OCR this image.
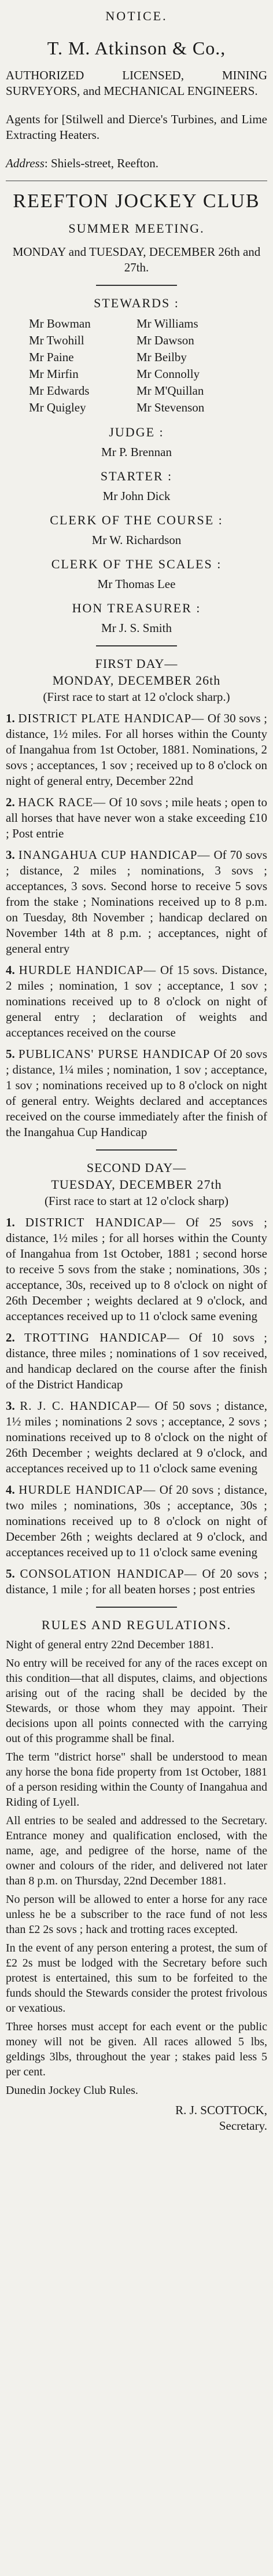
NOTICE.
T. M. Atkinson & Co.,

AUTHORIZED LICENSED, MINING SURVEYORS, and MECHANICAL ENGINEERS.

Agents for [Stilwell and Dierce's Turbines, and Lime Extracting Heaters.

Address: Shiels-street, Reefton.

REEFTON JOCKEY CLUB
SUMMER MEETING.
MONDAY and TUESDAY, DECEMBER 26th and 27th.
STEWARDS :
Mr Bowman	Mr Williams
Mr Twohill	Mr Dawson
Mr Paine	Mr Beilby
Mr Mirfin	Mr Connolly
Mr Edwards	Mr M'Quillan
Mr Quigley	Mr Stevenson
JUDGE :
Mr P. Brennan
STARTER :
Mr John Dick
CLERK OF THE COURSE :
Mr W. Richardson
CLERK OF THE SCALES :
Mr Thomas Lee
HON TREASURER :
Mr J. S. Smith
FIRST DAY—
MONDAY, DECEMBER 26th
(First race to start at 12 o'clock sharp.)
1. DISTRICT PLATE HANDICAP— Of 30 sovs ; distance, 1½ miles. For all horses within the County of Inangahua from 1st October, 1881. Nominations, 2 sovs ; acceptances, 1 sov ; received up to 8 o'clock on night of general entry, December 22nd
2. HACK RACE— Of 10 sovs ; mile heats ; open to all horses that have never won a stake exceeding £10 ; Post entrie
3. INANGAHUA CUP HANDICAP— Of 70 sovs ; distance, 2 miles ; nominations, 3 sovs ; acceptances, 3 sovs. Second horse to receive 5 sovs from the stake ; Nominations received up to 8 p.m. on Tuesday, 8th November ; handicap declared on November 14th at 8 p.m. ; acceptances, night of general entry
4. HURDLE HANDICAP— Of 15 sovs. Distance, 2 miles ; nomination, 1 sov ; acceptance, 1 sov ; nominations received up to 8 o'clock on night of general entry ; declaration of weights and acceptances received on the course
5. PUBLICANS' PURSE HANDICAP Of 20 sovs ; distance, 1¼ miles ; nomination, 1 sov ; acceptance, 1 sov ; nominations received up to 8 o'clock on night of general entry. Weights declared and acceptances received on the course immediately after the finish of the Inangahua Cup Handicap
SECOND DAY—
TUESDAY, DECEMBER 27th
(First race to start at 12 o'clock sharp)
1. DISTRICT HANDICAP— Of 25 sovs ; distance, 1½ miles ; for all horses within the County of Inangahua from 1st October, 1881 ; second horse to receive 5 sovs from the stake ; nominations, 30s ; acceptance, 30s, received up to 8 o'clock on night of 26th December ; weights declared at 9 o'clock, and acceptances received up to 11 o'clock same evening
2. TROTTING HANDICAP— Of 10 sovs ; distance, three miles ; nominations of 1 sov received, and handicap declared on the course after the finish of the District Handicap
3. R. J. C. HANDICAP— Of 50 sovs ; distance, 1½ miles ; nominations 2 sovs ; acceptance, 2 sovs ; nominations received up to 8 o'clock on the night of 26th December ; weights declared at 9 o'clock, and acceptances received up to 11 o'clock same evening
4. HURDLE HANDICAP— Of 20 sovs ; distance, two miles ; nominations, 30s ; acceptance, 30s ; nominations received up to 8 o'clock on night of December 26th ; weights declared at 9 o'clock, and acceptances received up to 11 o'clock same evening
5. CONSOLATION HANDICAP— Of 20 sovs ; distance, 1 mile ; for all beaten horses ; post entries
RULES AND REGULATIONS.

Night of general entry 22nd December 1881.

No entry will be received for any of the races except on this condition—that all disputes, claims, and objections arising out of the racing shall be decided by the Stewards, or those whom they may appoint. Their decisions upon all points connected with the carrying out of this programme shall be final.

The term "district horse" shall be understood to mean any horse the bona fide property from 1st October, 1881 of a person residing within the County of Inangahua and Riding of Lyell.

All entries to be sealed and addressed to the Secretary. Entrance money and qualification enclosed, with the name, age, and pedigree of the horse, name of the owner and colours of the rider, and delivered not later than 8 p.m. on Thursday, 22nd December 1881.

No person will be allowed to enter a horse for any race unless he be a subscriber to the race fund of not less than £2 2s sovs ; hack and trotting races excepted.

In the event of any person entering a protest, the sum of £2 2s must be lodged with the Secretary before such protest is entertained, this sum to be forfeited to the funds should the Stewards consider the protest frivolous or vexatious.

Three horses must accept for each event or the public money will not be given. All races allowed 5 lbs, geldings 3lbs, throughout the year ; stakes paid less 5 per cent.

Dunedin Jockey Club Rules.

R. J. SCOTTOCK,
Secretary.
